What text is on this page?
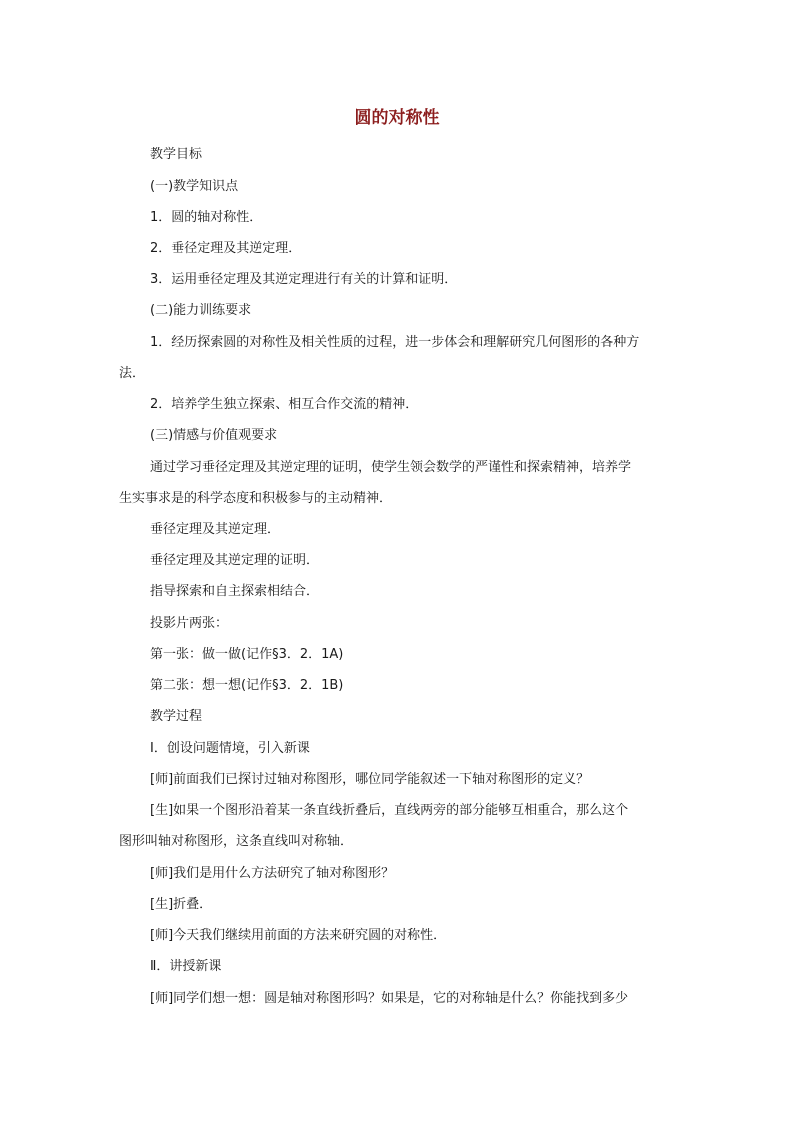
圆的对称性
教学目标
(一)教学知识点
1．圆的轴对称性．
2．垂径定理及其逆定理．
3．运用垂径定理及其逆定理进行有关的计算和证明．
(二)能力训练要求
1．经历探索圆的对称性及相关性质的过程，进一步体会和理解研究几何图形的各种方
法．
2．培养学生独立探索、相互合作交流的精神．
(三)情感与价值观要求
通过学习垂径定理及其逆定理的证明，使学生领会数学的严谨性和探索精神，培养学
生实事求是的科学态度和积极参与的主动精神．
垂径定理及其逆定理．
垂径定理及其逆定理的证明．
指导探索和自主探索相结合．
投影片两张：
第一张：做一做(记作§3．2．1A)
第二张：想一想(记作§3．2．1B)
教学过程
Ⅰ．创设问题情境，引入新课
[师]前面我们已探讨过轴对称图形，哪位同学能叙述一下轴对称图形的定义？
[生]如果一个图形沿着某一条直线折叠后，直线两旁的部分能够互相重合，那么这个
图形叫轴对称图形，这条直线叫对称轴．
[师]我们是用什么方法研究了轴对称图形？
[生]折叠．
[师]今天我们继续用前面的方法来研究圆的对称性．
Ⅱ．讲授新课
[师]同学们想一想：圆是轴对称图形吗？如果是，它的对称轴是什么？你能找到多少
